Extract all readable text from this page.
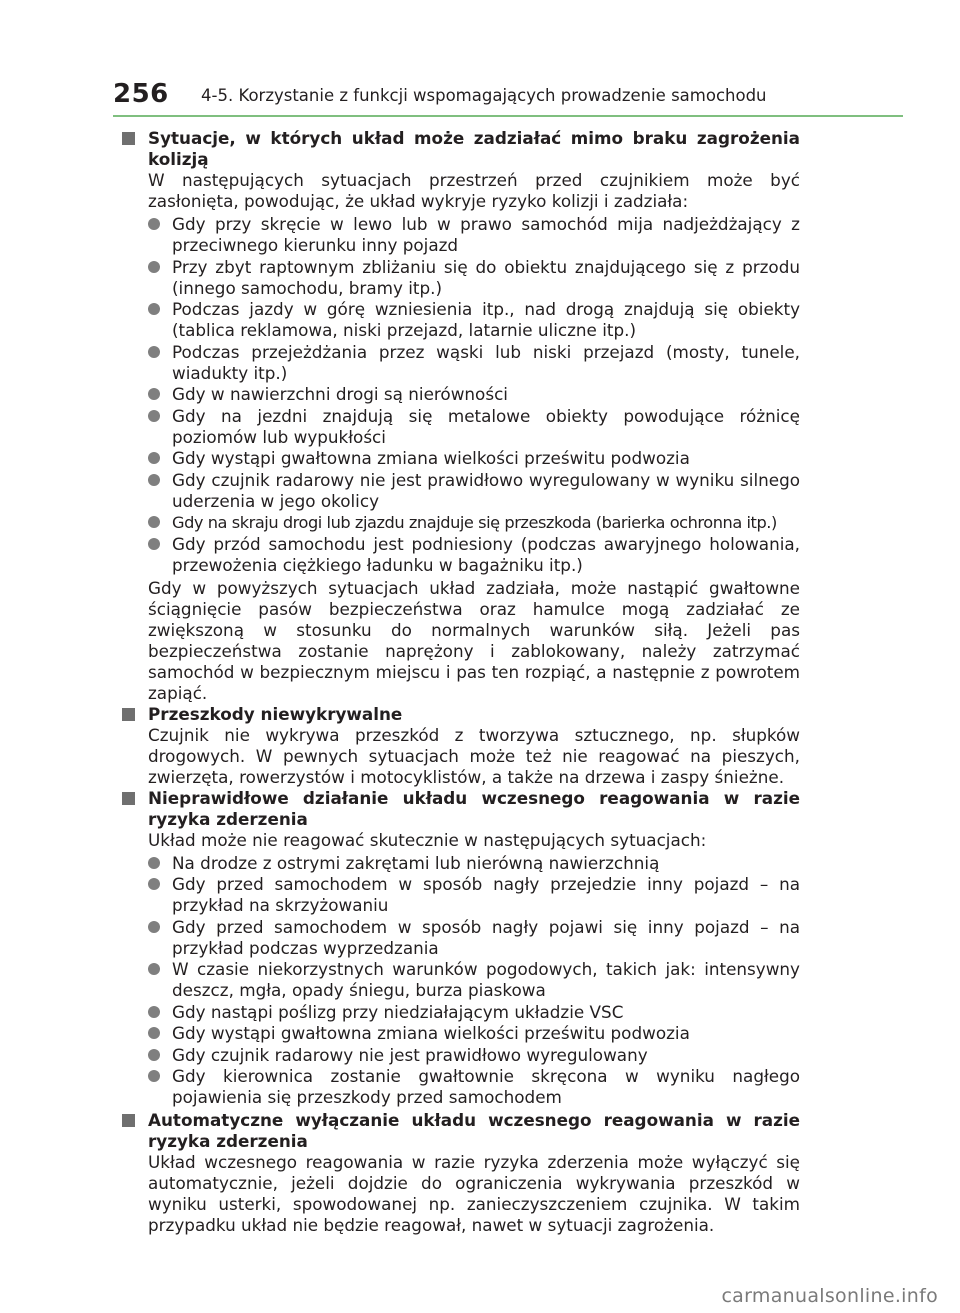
256 4-5. Korzystanie z funkcji wspomagających prowadzenie samochodu
Sytuacje, w których układ może zadziałać mimo braku zagrożenia kolizją

W następujących sytuacjach przestrzeń przed czujnikiem może być zasłonięta, powodując, że układ wykryje ryzyko kolizji i zadziała:

Gdy przy skręcie w lewo lub w prawo samochód mija nadjeżdżający z przeciwnego kierunku inny pojazd
Przy zbyt raptownym zbliżaniu się do obiektu znajdującego się z przodu (innego samochodu, bramy itp.)
Podczas jazdy w górę wzniesienia itp., nad drogą znajdują się obiekty (tablica reklamowa, niski przejazd, latarnie uliczne itp.)
Podczas przejeżdżania przez wąski lub niski przejazd (mosty, tunele, wiadukty itp.)
Gdy w nawierzchni drogi są nierówności
Gdy na jezdni znajdują się metalowe obiekty powodujące różnicę poziomów lub wypukłości
Gdy wystąpi gwałtowna zmiana wielkości prześwitu podwozia
Gdy czujnik radarowy nie jest prawidłowo wyregulowany w wyniku silnego uderzenia w jego okolicy
Gdy na skraju drogi lub zjazdu znajduje się przeszkoda (barierka ochronna itp.)
Gdy przód samochodu jest podniesiony (podczas awaryjnego holowania, przewożenia ciężkiego ładunku w bagażniku itp.)

Gdy w powyższych sytuacjach układ zadziała, może nastąpić gwałtowne ściągnięcie pasów bezpieczeństwa oraz hamulce mogą zadziałać ze zwiększoną w stosunku do normalnych warunków siłą. Jeżeli pas bezpieczeństwa zostanie naprężony i zablokowany, należy zatrzymać samochód w bezpiecznym miejscu i pas ten rozpiąć, a następnie z powrotem zapiąć.

Przeszkody niewykrywalne

Czujnik nie wykrywa przeszkód z tworzywa sztucznego, np. słupków drogowych. W pewnych sytuacjach może też nie reagować na pieszych, zwierzęta, rowerzystów i motocyklistów, a także na drzewa i zaspy śnieżne.

Nieprawidłowe działanie układu wczesnego reagowania w razie ryzyka zderzenia

Układ może nie reagować skutecznie w następujących sytuacjach:

Na drodze z ostrymi zakrętami lub nierówną nawierzchnią
Gdy przed samochodem w sposób nagły przejedzie inny pojazd – na przykład na skrzyżowaniu
Gdy przed samochodem w sposób nagły pojawi się inny pojazd – na przykład podczas wyprzedzania
W czasie niekorzystnych warunków pogodowych, takich jak: intensywny deszcz, mgła, opady śniegu, burza piaskowa
Gdy nastąpi poślizg przy niedziałającym układzie VSC
Gdy wystąpi gwałtowna zmiana wielkości prześwitu podwozia
Gdy czujnik radarowy nie jest prawidłowo wyregulowany
Gdy kierownica zostanie gwałtownie skręcona w wyniku nagłego pojawienia się przeszkody przed samochodem
Automatyczne wyłączanie układu wczesnego reagowania w razie ryzyka zderzenia

Układ wczesnego reagowania w razie ryzyka zderzenia może wyłączyć się automatycznie, jeżeli dojdzie do ograniczenia wykrywania przeszkód w wyniku usterki, spowodowanej np. zanieczyszczeniem czujnika. W takim przypadku układ nie będzie reagował, nawet w sytuacji zagrożenia.

carmanualsonline.info
